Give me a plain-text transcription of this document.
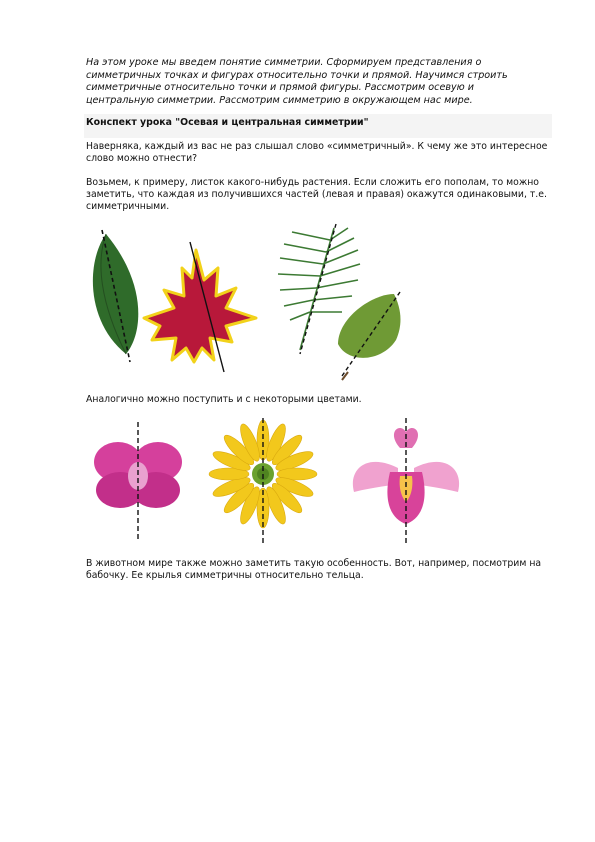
На этом уроке мы введем понятие симметрии. Сформируем представления о симметричных точках и фигурах относительно точки и прямой. Научимся строить симметричные относительно точки и прямой фигуры. Рассмотрим осевую и центральную симметрии. Рассмотрим симметрию в окружающем нас мире.
Конспект урока "Осевая и центральная симметрии"
Наверняка, каждый из вас не раз слышал слово «симметричный». К чему же это интересное слово можно отнести?
Возьмем, к примеру, листок какого-нибудь растения. Если сложить его пополам, то можно заметить, что каждая из получившихся частей (левая и правая) окажутся одинаковыми, т.е. симметричными.
Аналогично можно поступить и с некоторыми цветами.
В животном мире также можно заметить такую особенность. Вот, например, посмотрим на бабочку. Ее крылья симметричны относительно тельца.
